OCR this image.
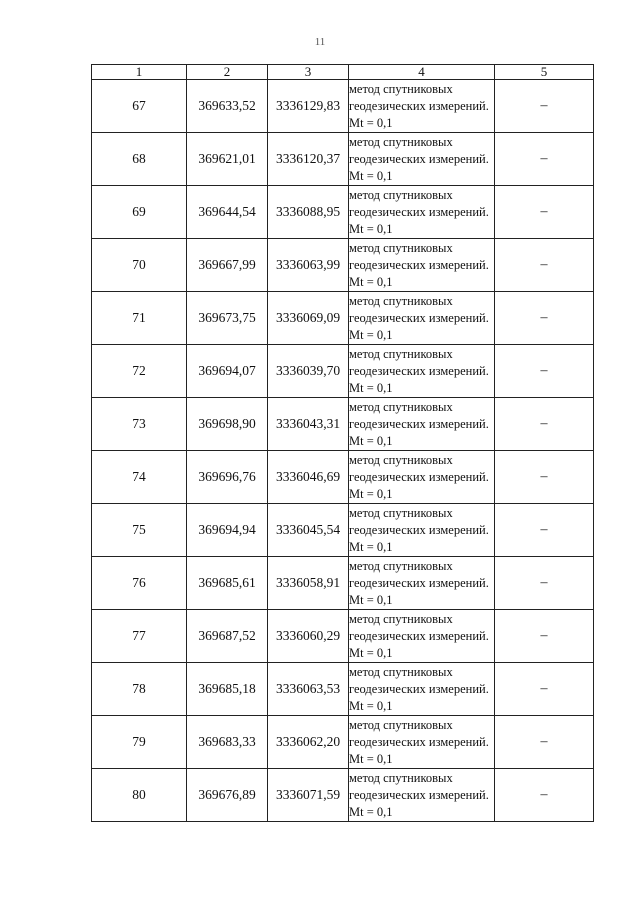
11
1	2	3	4	5
67	369633,52	3336129,83	метод спутниковых геодезических измерений. Mt = 0,1	–
68	369621,01	3336120,37	метод спутниковых геодезических измерений. Mt = 0,1	–
69	369644,54	3336088,95	метод спутниковых геодезических измерений. Mt = 0,1	–
70	369667,99	3336063,99	метод спутниковых геодезических измерений. Mt = 0,1	–
71	369673,75	3336069,09	метод спутниковых геодезических измерений. Mt = 0,1	–
72	369694,07	3336039,70	метод спутниковых геодезических измерений. Mt = 0,1	–
73	369698,90	3336043,31	метод спутниковых геодезических измерений. Mt = 0,1	–
74	369696,76	3336046,69	метод спутниковых геодезических измерений. Mt = 0,1	–
75	369694,94	3336045,54	метод спутниковых геодезических измерений. Mt = 0,1	–
76	369685,61	3336058,91	метод спутниковых геодезических измерений. Mt = 0,1	–
77	369687,52	3336060,29	метод спутниковых геодезических измерений. Mt = 0,1	–
78	369685,18	3336063,53	метод спутниковых геодезических измерений. Mt = 0,1	–
79	369683,33	3336062,20	метод спутниковых геодезических измерений. Mt = 0,1	–
80	369676,89	3336071,59	метод спутниковых геодезических измерений. Mt = 0,1	–
